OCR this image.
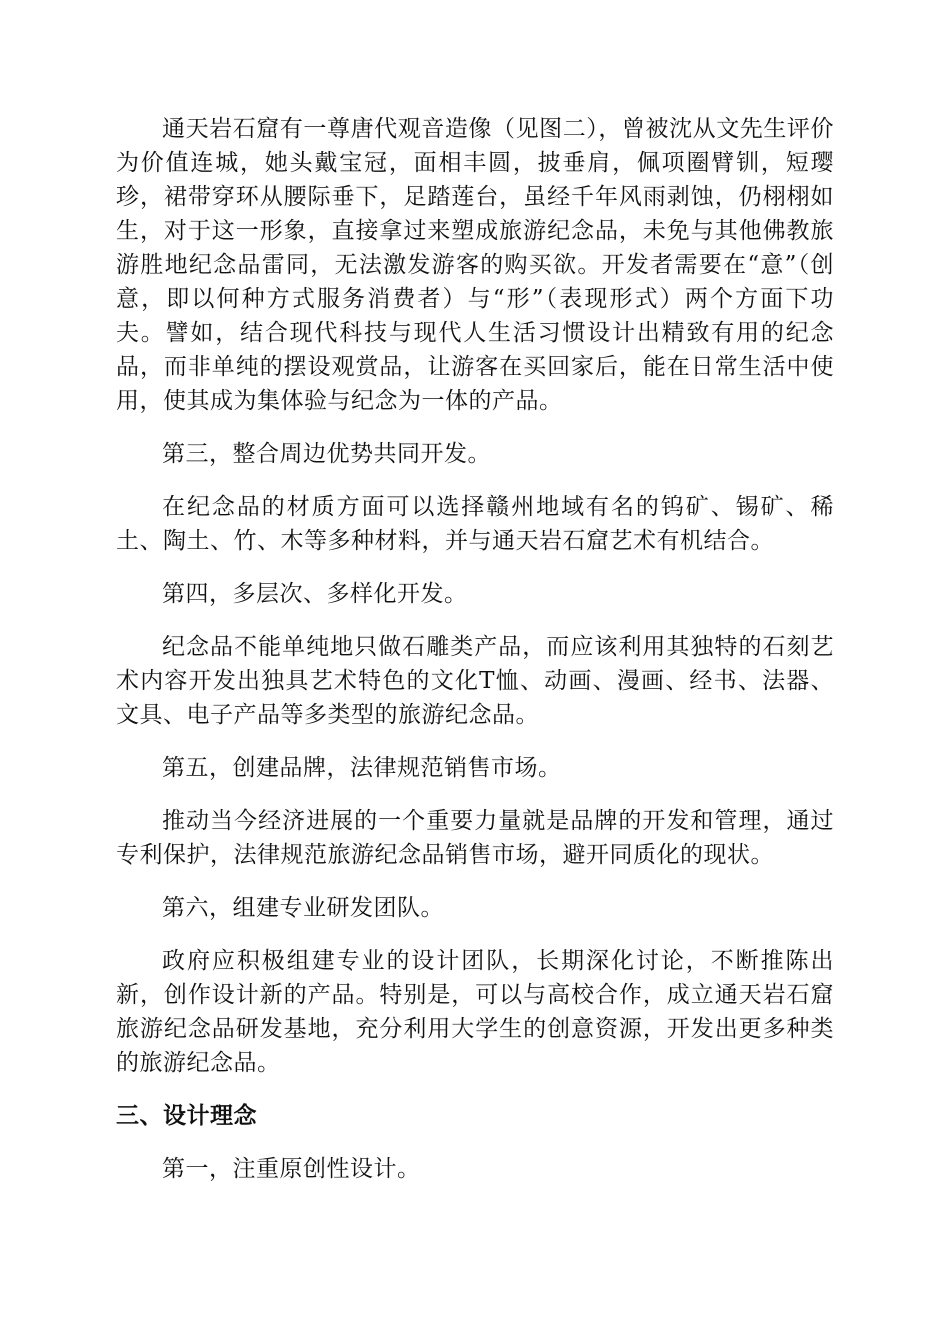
通天岩石窟有一尊唐代观音造像（见图二），曾被沈从文先生评价为价值连城，她头戴宝冠，面相丰圆，披垂肩，佩项圈臂钏，短璎珍，裙带穿环从腰际垂下，足踏莲台，虽经千年风雨剥蚀，仍栩栩如生，对于这一形象，直接拿过来塑成旅游纪念品，未免与其他佛教旅游胜地纪念品雷同，无法激发游客的购买欲。开发者需要在“意”（创意，即以何种方式服务消费者）与“形”（表现形式）两个方面下功夫。譬如，结合现代科技与现代人生活习惯设计出精致有用的纪念品，而非单纯的摆设观赏品，让游客在买回家后，能在日常生活中使用，使其成为集体验与纪念为一体的产品。

第三，整合周边优势共同开发。

在纪念品的材质方面可以选择赣州地域有名的钨矿、锡矿、稀土、陶土、竹、木等多种材料，并与通天岩石窟艺术有机结合。

第四，多层次、多样化开发。

纪念品不能单纯地只做石雕类产品，而应该利用其独特的石刻艺术内容开发出独具艺术特色的文化T恤、动画、漫画、经书、法器、文具、电子产品等多类型的旅游纪念品。

第五，创建品牌，法律规范销售市场。

推动当今经济进展的一个重要力量就是品牌的开发和管理，通过专利保护，法律规范旅游纪念品销售市场，避开同质化的现状。

第六，组建专业研发团队。

政府应积极组建专业的设计团队，长期深化讨论，不断推陈出新，创作设计新的产品。特别是，可以与高校合作，成立通天岩石窟旅游纪念品研发基地，充分利用大学生的创意资源，开发出更多种类的旅游纪念品。

三、设计理念

第一，注重原创性设计。
